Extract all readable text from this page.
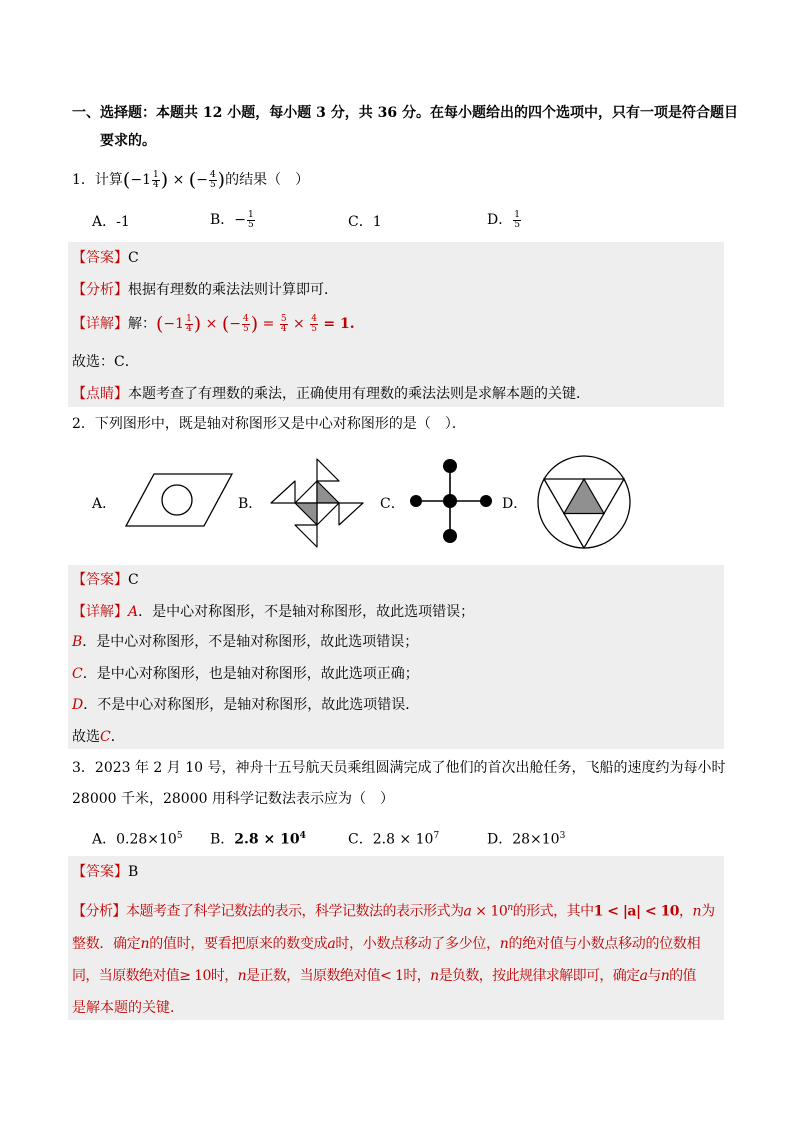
一、选择题：本题共 12 小题，每小题 3 分，共 36 分。在每小题给出的四个选项中，只有一项是符合题目
要求的。
1．计算($-1 \frac{1}{4}$ ) × (− $\frac{4}{5}$ )的结果（　）
A．-1	B．− $\frac{1}{5}$	C．1	D． $\frac{1}{5}$
【答案】C
【分析】根据有理数的乘法法则计算即可．
【详解】解：($-1 \frac{1}{4}$ ) × (− $\frac{4}{5}$ ) = $\frac{5}{4} \times \frac{4}{5} = 1$.
故选：C．
【点睛】本题考查了有理数的乘法，正确使用有理数的乘法法则是求解本题的关键．
2．下列图形中，既是轴对称图形又是中心对称图形的是（　）．
A．	B．	C．	D．
【答案】C
【详解】A．是中心对称图形，不是轴对称图形，故此选项错误；
B．是中心对称图形，不是轴对称图形，故此选项错误；
C．是中心对称图形，也是轴对称图形，故此选项正确；
D．不是中心对称图形，是轴对称图形，故此选项错误．
故选C．
3．2023 年 2 月 10 号，神舟十五号航天员乘组圆满完成了他们的首次出舱任务，飞船的速度约为每小时
28000 千米，28000 用科学记数法表示应为（　）
A．$0.28\times 10^5$ B．$2.8 \times 10^4$	C．$2.8 \times 10^7$	D．$28\times 10^3$
【答案】B
【分析】本题考查了科学记数法的表示，科学记数法的表示形式为$a \times 10^n$的形式，其中1 < |a| < 10，n为
整数．确定n的值时，要看把原来的数变成a时，小数点移动了多少位，n的绝对值与小数点移动的位数相
同，当原数绝对值≥ 10时，n是正数，当原数绝对值< 1时，n是负数，按此规律求解即可，确定a与n的值
是解本题的关键．
